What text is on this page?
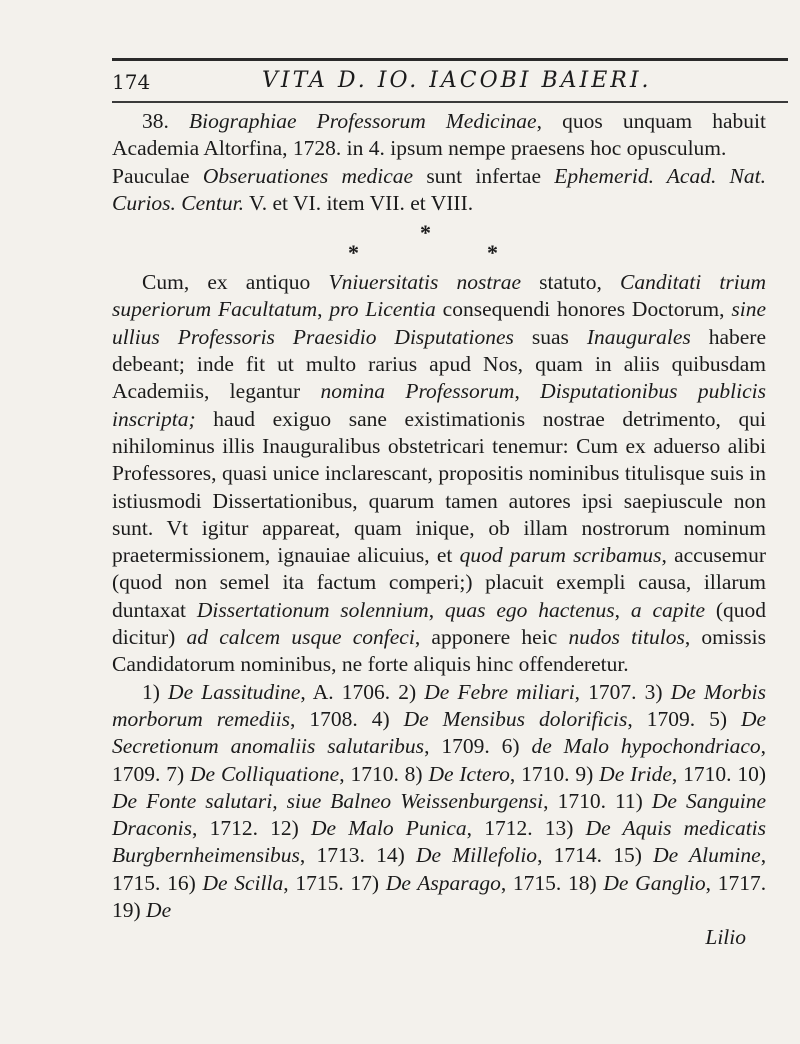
174	VITA D. IO. IACOBI BAIERI.

38. Biographiae Professorum Medicinae, quos unquam habuit Academia Altorfina, 1728. in 4. ipsum nempe praesens hoc opusculum.

Pauculae Obseruationes medicae sunt infertae Ephemerid. Acad. Nat. Curios. Centur. V. et VI. item VII. et VIII.

*
*	*

Cum, ex antiquo Vniuersitatis nostrae statuto, Canditati trium superiorum Facultatum, pro Licentia consequendi honores Doctorum, sine ullius Professoris Praesidio Disputationes suas Inaugurales habere debeant; inde fit ut multo rarius apud Nos, quam in aliis quibusdam Academiis, legantur nomina Professorum, Disputationibus publicis inscripta; haud exiguo sane existimationis nostrae detrimento, qui nihilominus illis Inauguralibus obstetricari tenemur: Cum ex aduerso alibi Professores, quasi unice inclarescant, propositis nominibus titulisque suis in istiusmodi Dissertationibus, quarum tamen autores ipsi saepiuscule non sunt. Vt igitur appareat, quam inique, ob illam nostrorum nominum praetermissionem, ignauiae alicuius, et quod parum scribamus, accusemur (quod non semel ita factum comperi;) placuit exempli causa, illarum duntaxat Dissertationum solennium, quas ego hactenus, a capite (quod dicitur) ad calcem usque confeci, apponere heic nudos titulos, omissis Candidatorum nominibus, ne forte aliquis hinc offenderetur.

1) De Lassitudine, A. 1706. 2) De Febre miliari, 1707. 3) De Morbis morborum remediis, 1708. 4) De Mensibus dolorificis, 1709. 5) De Secretionum anomaliis salutaribus, 1709. 6) de Malo hypochondriaco, 1709. 7) De Colliquatione, 1710. 8) De Ictero, 1710. 9) De Iride, 1710. 10) De Fonte salutari, siue Balneo Weissenburgensi, 1710. 11) De Sanguine Draconis, 1712. 12) De Malo Punica, 1712. 13) De Aquis medicatis Burgbernheimensibus, 1713. 14) De Millefolio, 1714. 15) De Alumine, 1715. 16) De Scilla, 1715. 17) De Asparago, 1715. 18) De Ganglio, 1717. 19) De

Lilio
